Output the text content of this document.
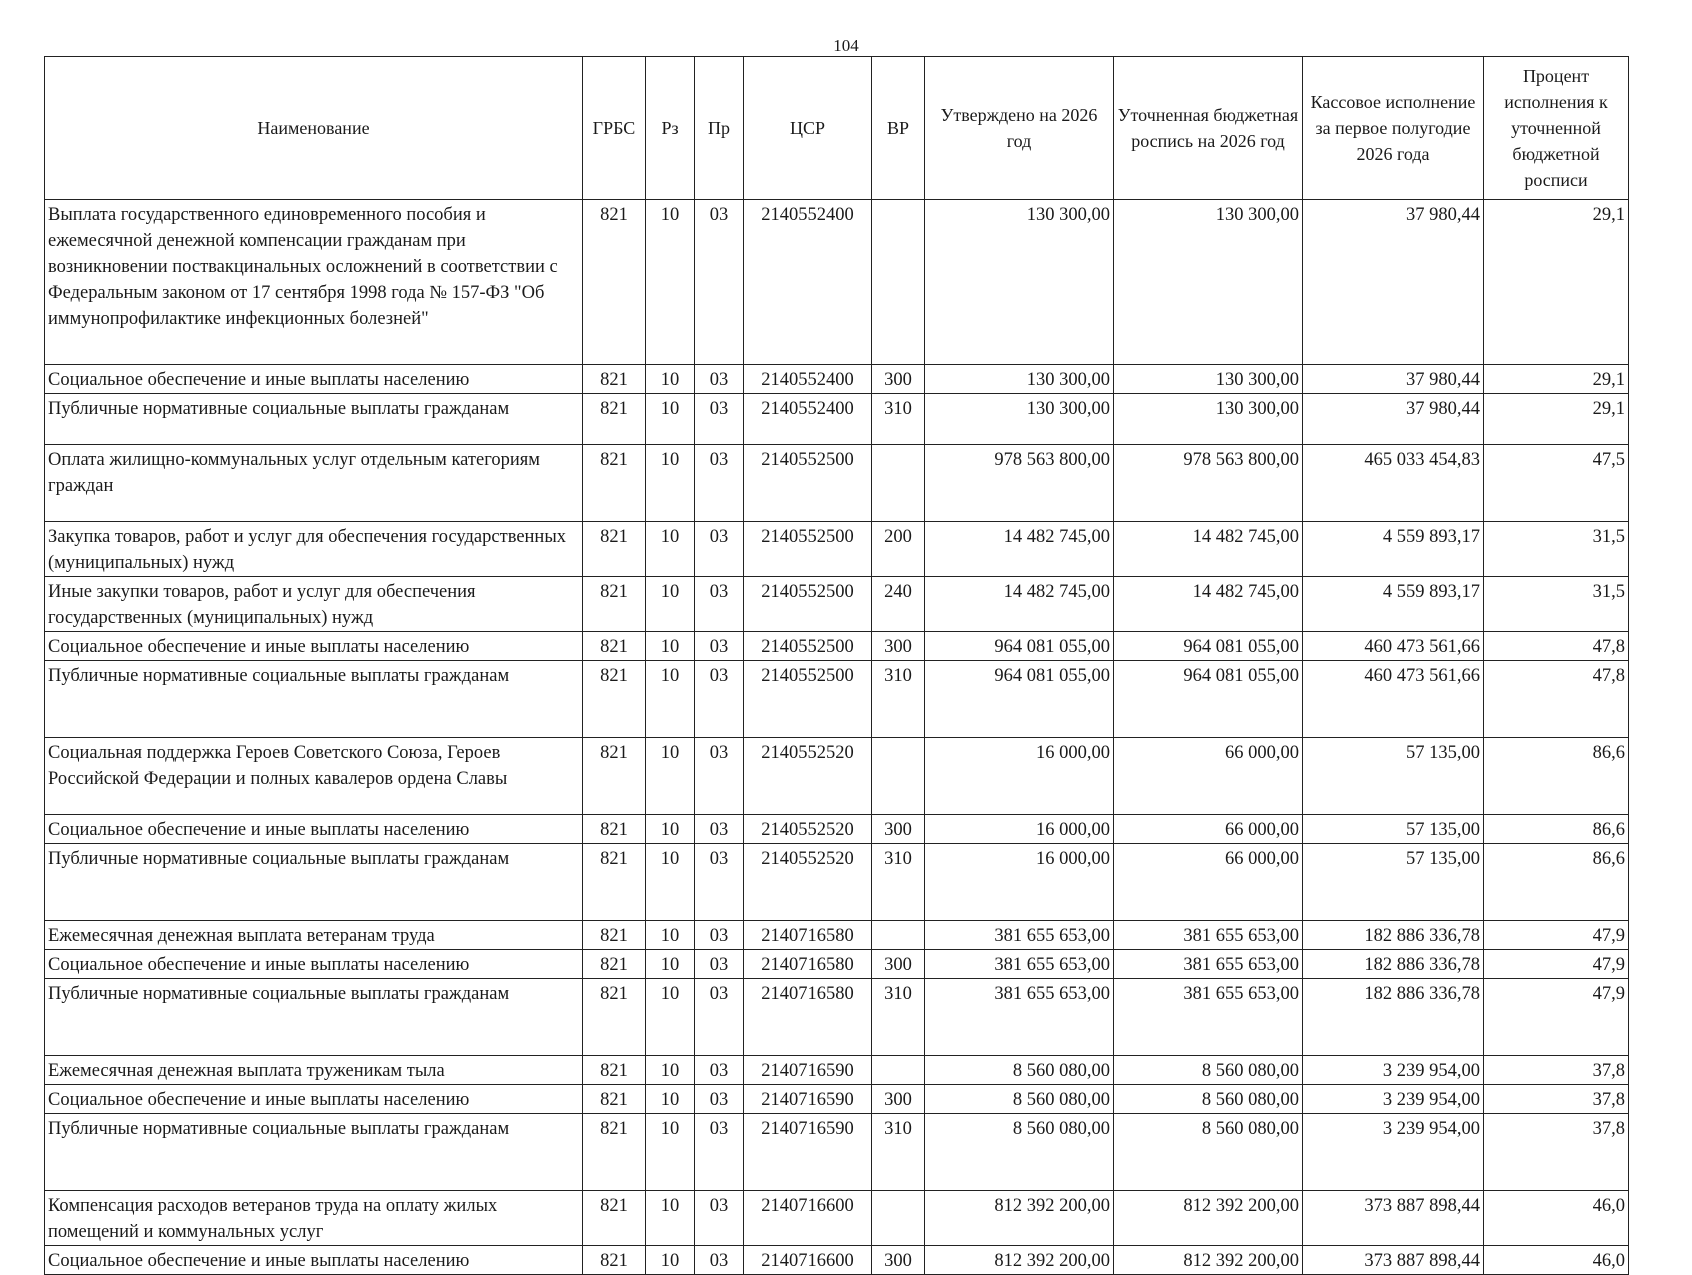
104
Наименование	ГРБС	Рз	Пр	ЦСР	ВР	Утверждено на 2026 год	Уточненная бюджетная роспись на 2026 год	Кассовое исполнение за первое полугодие 2026 года	Процент исполнения к уточненной бюджетной росписи
Выплата государственного единовременного пособия и ежемесячной денежной компенсации гражданам при возникновении поствакцинальных осложнений в соответствии с Федеральным законом от 17 сентября 1998 года № 157-ФЗ "Об иммунопрофилактике инфекционных болезней"	821	10	03	2140552400		130 300,00	130 300,00	37 980,44	29,1
Социальное обеспечение и иные выплаты населению	821	10	03	2140552400	300	130 300,00	130 300,00	37 980,44	29,1
Публичные нормативные социальные выплаты гражданам	821	10	03	2140552400	310	130 300,00	130 300,00	37 980,44	29,1
Оплата жилищно-коммунальных услуг отдельным категориям граждан	821	10	03	2140552500		978 563 800,00	978 563 800,00	465 033 454,83	47,5
Закупка товаров, работ и услуг для обеспечения государственных (муниципальных) нужд	821	10	03	2140552500	200	14 482 745,00	14 482 745,00	4 559 893,17	31,5
Иные закупки товаров, работ и услуг для обеспечения государственных (муниципальных) нужд	821	10	03	2140552500	240	14 482 745,00	14 482 745,00	4 559 893,17	31,5
Социальное обеспечение и иные выплаты населению	821	10	03	2140552500	300	964 081 055,00	964 081 055,00	460 473 561,66	47,8
Публичные нормативные социальные выплаты гражданам	821	10	03	2140552500	310	964 081 055,00	964 081 055,00	460 473 561,66	47,8
Социальная поддержка Героев Советского Союза, Героев Российской Федерации и полных кавалеров ордена Славы	821	10	03	2140552520		16 000,00	66 000,00	57 135,00	86,6
Социальное обеспечение и иные выплаты населению	821	10	03	2140552520	300	16 000,00	66 000,00	57 135,00	86,6
Публичные нормативные социальные выплаты гражданам	821	10	03	2140552520	310	16 000,00	66 000,00	57 135,00	86,6
Ежемесячная денежная выплата ветеранам труда	821	10	03	2140716580		381 655 653,00	381 655 653,00	182 886 336,78	47,9
Социальное обеспечение и иные выплаты населению	821	10	03	2140716580	300	381 655 653,00	381 655 653,00	182 886 336,78	47,9
Публичные нормативные социальные выплаты гражданам	821	10	03	2140716580	310	381 655 653,00	381 655 653,00	182 886 336,78	47,9
Ежемесячная денежная выплата труженикам тыла	821	10	03	2140716590		8 560 080,00	8 560 080,00	3 239 954,00	37,8
Социальное обеспечение и иные выплаты населению	821	10	03	2140716590	300	8 560 080,00	8 560 080,00	3 239 954,00	37,8
Публичные нормативные социальные выплаты гражданам	821	10	03	2140716590	310	8 560 080,00	8 560 080,00	3 239 954,00	37,8
Компенсация расходов ветеранов труда на оплату жилых помещений и коммунальных услуг	821	10	03	2140716600		812 392 200,00	812 392 200,00	373 887 898,44	46,0
Социальное обеспечение и иные выплаты населению	821	10	03	2140716600	300	812 392 200,00	812 392 200,00	373 887 898,44	46,0
